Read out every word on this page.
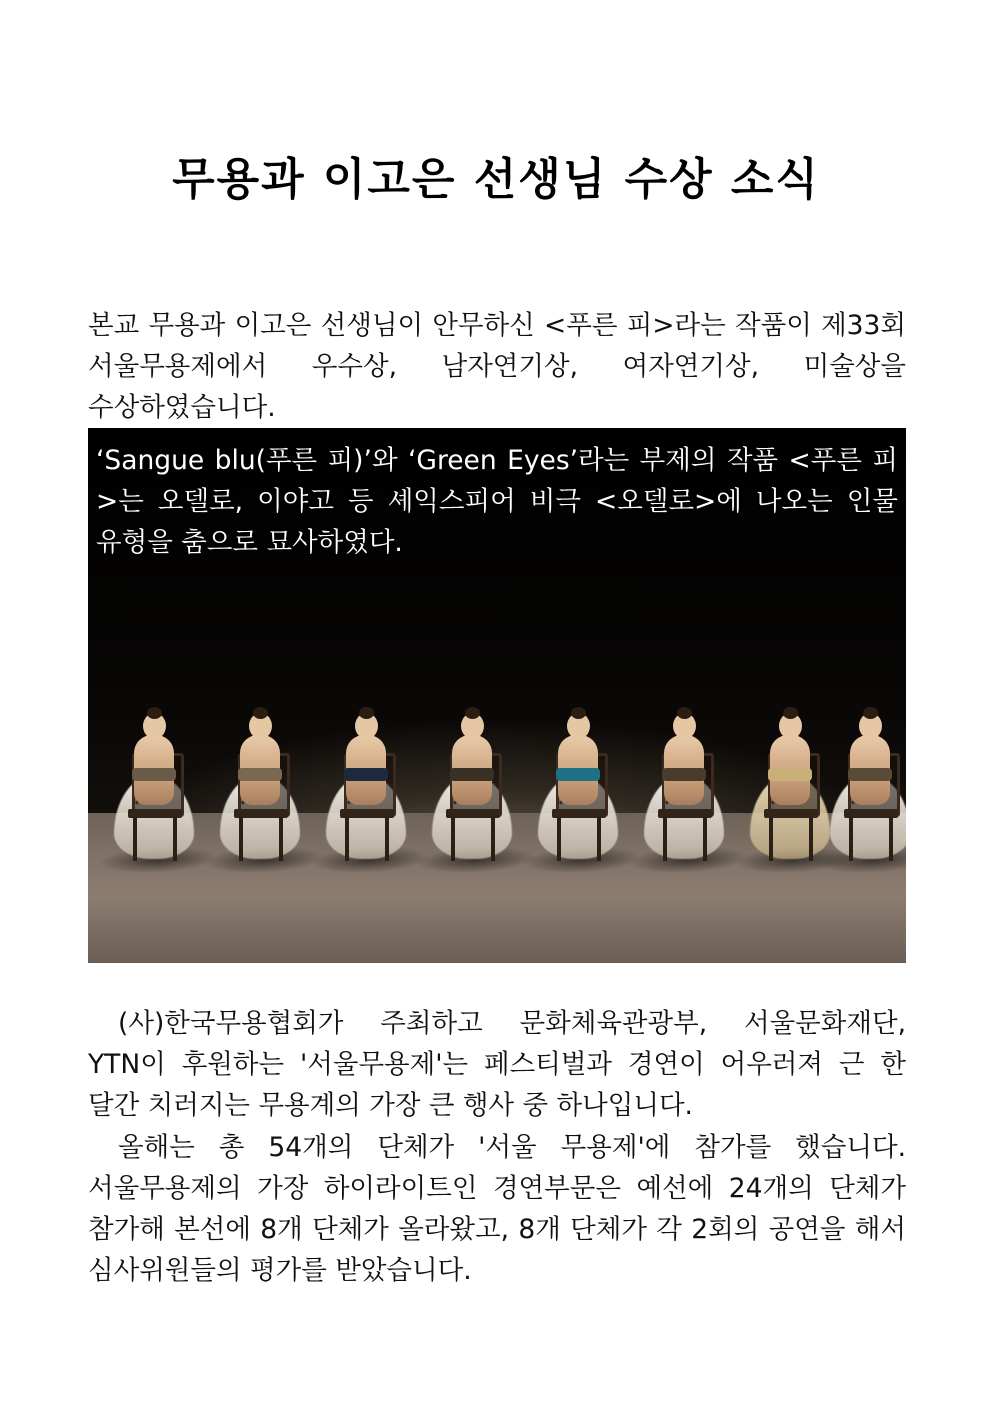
무용과 이고은 선생님 수상 소식

본교 무용과 이고은 선생님이 안무하신 <푸른 피>라는 작품이 제33회 서울무용제에서 우수상, 남자연기상, 여자연기상, 미술상을 수상하였습니다.

‘Sangue blu(푸른 피)’와 ‘Green Eyes’라는 부제의 작품 <푸른 피>는 오델로, 이야고 등 셰익스피어 비극 <오델로>에 나오는 인물 유형을 춤으로 묘사하였다.

(사)한국무용협회가 주최하고 문화체육관광부, 서울문화재단, YTN이 후원하는 '서울무용제'는 페스티벌과 경연이 어우러져 근 한 달간 치러지는 무용계의 가장 큰 행사 중 하나입니다.

올해는 총 54개의 단체가 '서울 무용제'에 참가를 했습니다. 서울무용제의 가장 하이라이트인 경연부문은 예선에 24개의 단체가 참가해 본선에 8개 단체가 올라왔고, 8개 단체가 각 2회의 공연을 해서 심사위원들의 평가를 받았습니다.
